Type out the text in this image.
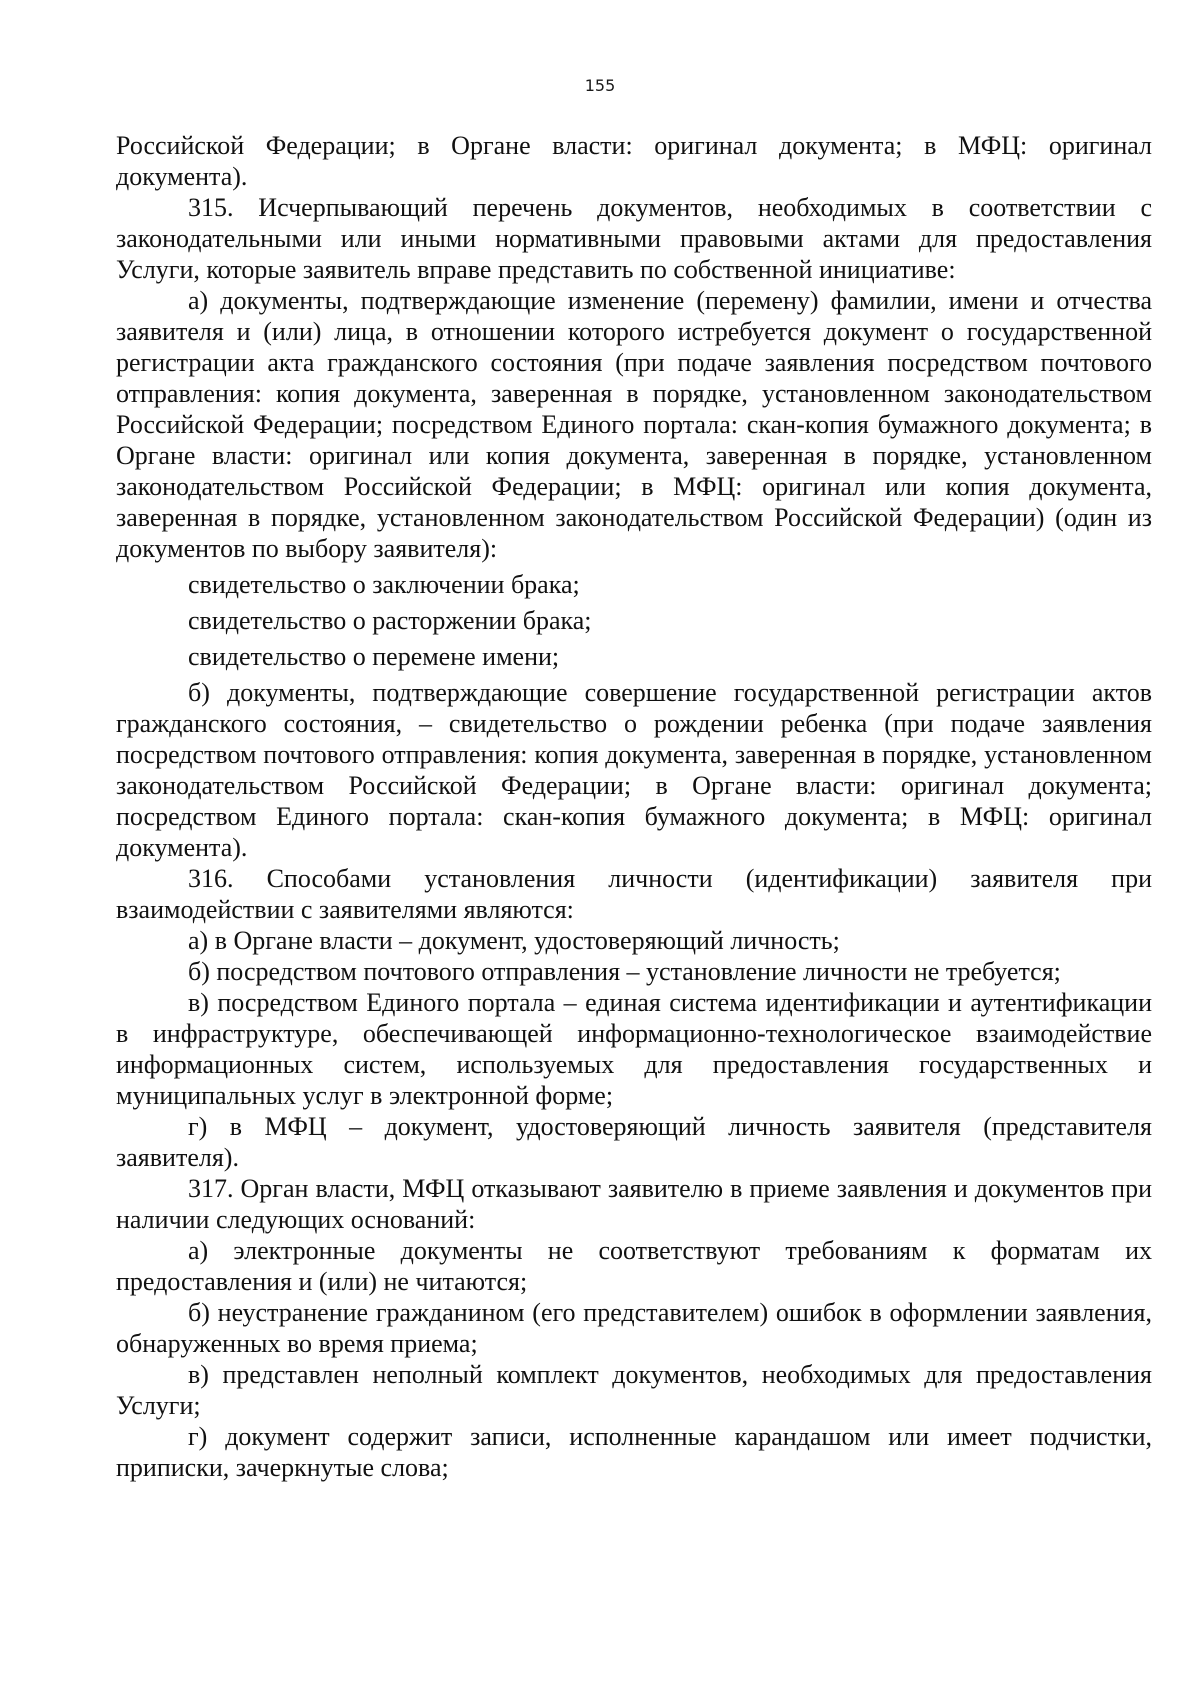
155

Российской Федерации; в Органе власти: оригинал документа; в МФЦ: оригинал документа).

315. Исчерпывающий перечень документов, необходимых в соответствии с законодательными или иными нормативными правовыми актами для предоставления Услуги, которые заявитель вправе представить по собственной инициативе:

а) документы, подтверждающие изменение (перемену) фамилии, имени и отчества заявителя и (или) лица, в отношении которого истребуется документ о государственной регистрации акта гражданского состояния (при подаче заявления посредством почтового отправления: копия документа, заверенная в порядке, установленном законодательством Российской Федерации; посредством Единого портала: скан-копия бумажного документа; в Органе власти: оригинал или копия документа, заверенная в порядке, установленном законодательством Российской Федерации; в МФЦ: оригинал или копия документа, заверенная в порядке, установленном законодательством Российской Федерации) (один из документов по выбору заявителя):

свидетельство о заключении брака;

свидетельство о расторжении брака;

свидетельство о перемене имени;

б) документы, подтверждающие совершение государственной регистрации актов гражданского состояния, – свидетельство о рождении ребенка (при подаче заявления посредством почтового отправления: копия документа, заверенная в порядке, установленном законодательством Российской Федерации; в Органе власти: оригинал документа; посредством Единого портала: скан-копия бумажного документа; в МФЦ: оригинал документа).

316. Способами установления личности (идентификации) заявителя при взаимодействии с заявителями являются:

а) в Органе власти – документ, удостоверяющий личность;

б) посредством почтового отправления – установление личности не требуется;

в) посредством Единого портала – единая система идентификации и аутентификации в инфраструктуре, обеспечивающей информационно-технологическое взаимодействие информационных систем, используемых для предоставления государственных и муниципальных услуг в электронной форме;

г) в МФЦ – документ, удостоверяющий личность заявителя (представителя заявителя).

317. Орган власти, МФЦ отказывают заявителю в приеме заявления и документов при наличии следующих оснований:

а) электронные документы не соответствуют требованиям к форматам их предоставления и (или) не читаются;

б) неустранение гражданином (его представителем) ошибок в оформлении заявления, обнаруженных во время приема;

в) представлен неполный комплект документов, необходимых для предоставления Услуги;

г) документ содержит записи, исполненные карандашом или имеет подчистки, приписки, зачеркнутые слова;
